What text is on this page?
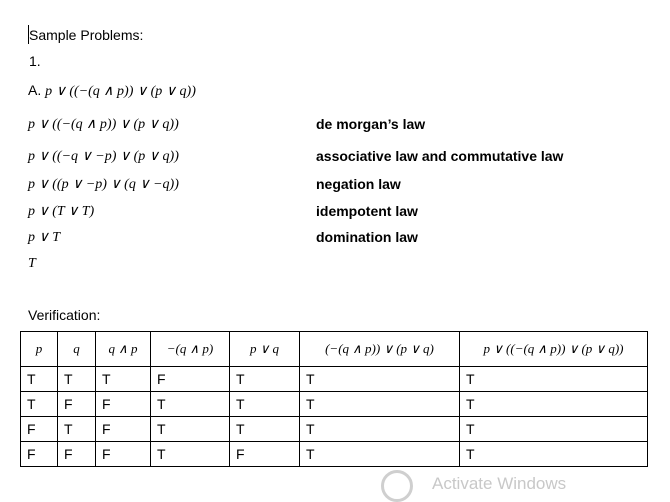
Sample Problems:
1.
A. p ∨ ((−(q ∧ p)) ∨ (p ∨ q))
p ∨ ((−(q ∧ p)) ∨ (p ∨ q))	de morgan’s law
p ∨ ((−q ∨ −p) ∨ (p ∨ q))	associative law and commutative law
p ∨ ((p ∨ −p) ∨ (q ∨ −q))	negation law
p ∨ (T ∨ T)	idempotent law
p ∨ T	domination law
T
Verification:
p	q	q ∧ p	−(q ∧ p)	p ∨ q	(−(q ∧ p)) ∨ (p ∨ q)	p ∨ ((−(q ∧ p)) ∨ (p ∨ q))
T	T	T	F	T	T	T
T	F	F	T	T	T	T
F	T	F	T	T	T	T
F	F	F	T	F	T	T
Activate Windows
